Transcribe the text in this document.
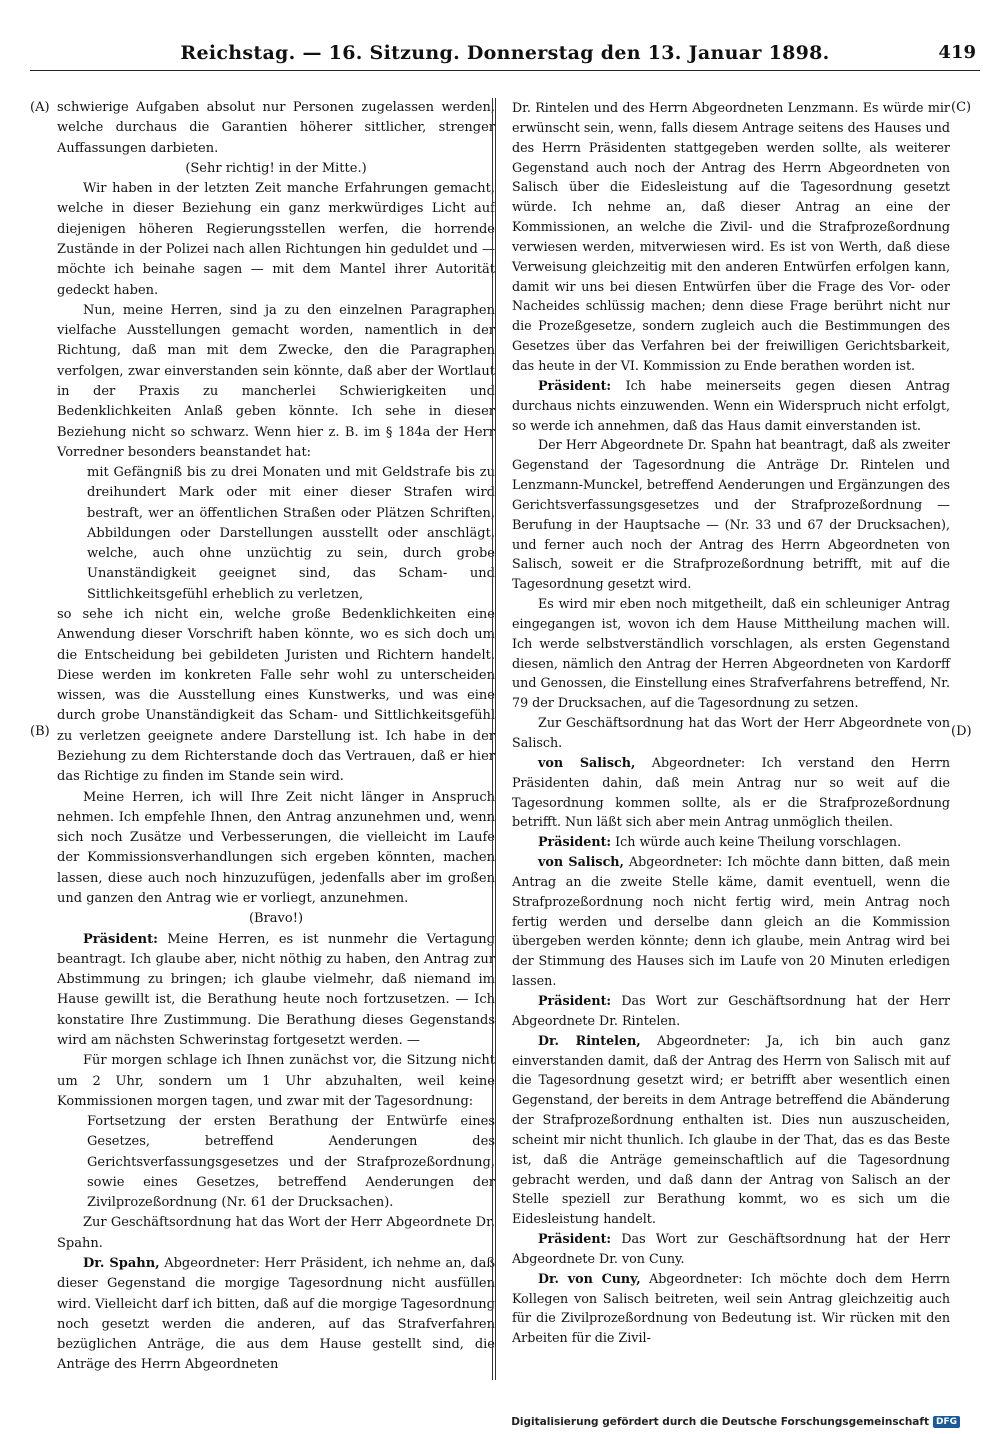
Reichstag. — 16. Sitzung. Donnerstag den 13. Januar 1898.	419
(A)
(B)
(C)
(D)

schwierige Aufgaben absolut nur Personen zugelassen werden, welche durchaus die Garantien höherer sittlicher, strenger Auffassungen darbieten.

(Sehr richtig! in der Mitte.)

Wir haben in der letzten Zeit manche Erfahrungen gemacht, welche in dieser Beziehung ein ganz merkwürdiges Licht auf diejenigen höheren Regierungsstellen werfen, die horrende Zustände in der Polizei nach allen Richtungen hin geduldet und — möchte ich beinahe sagen — mit dem Mantel ihrer Autorität gedeckt haben.

Nun, meine Herren, sind ja zu den einzelnen Paragraphen vielfache Ausstellungen gemacht worden, namentlich in der Richtung, daß man mit dem Zwecke, den die Paragraphen verfolgen, zwar einverstanden sein könnte, daß aber der Wortlaut in der Praxis zu mancherlei Schwierigkeiten und Bedenklichkeiten Anlaß geben könnte. Ich sehe in dieser Beziehung nicht so schwarz. Wenn hier z. B. im § 184a der Herr Vorredner besonders beanstandet hat:

mit Gefängniß bis zu drei Monaten und mit Geldstrafe bis zu dreihundert Mark oder mit einer dieser Strafen wird bestraft, wer an öffentlichen Straßen oder Plätzen Schriften, Abbildungen oder Darstellungen ausstellt oder anschlägt, welche, auch ohne unzüchtig zu sein, durch grobe Unanständigkeit geeignet sind, das Scham- und Sittlichkeitsgefühl erheblich zu verletzen,

so sehe ich nicht ein, welche große Bedenklichkeiten eine Anwendung dieser Vorschrift haben könnte, wo es sich doch um die Entscheidung bei gebildeten Juristen und Richtern handelt. Diese werden im konkreten Falle sehr wohl zu unterscheiden wissen, was die Ausstellung eines Kunstwerks, und was eine durch grobe Unanständigkeit das Scham- und Sittlichkeitsgefühl zu verletzen geeignete andere Darstellung ist. Ich habe in der Beziehung zu dem Richterstande doch das Vertrauen, daß er hier das Richtige zu finden im Stande sein wird.

Meine Herren, ich will Ihre Zeit nicht länger in Anspruch nehmen. Ich empfehle Ihnen, den Antrag anzunehmen und, wenn sich noch Zusätze und Verbesserungen, die vielleicht im Laufe der Kommissionsverhandlungen sich ergeben könnten, machen lassen, diese auch noch hinzuzufügen, jedenfalls aber im großen und ganzen den Antrag wie er vorliegt, anzunehmen.

(Bravo!)

Präsident: Meine Herren, es ist nunmehr die Vertagung beantragt. Ich glaube aber, nicht nöthig zu haben, den Antrag zur Abstimmung zu bringen; ich glaube vielmehr, daß niemand im Hause gewillt ist, die Berathung heute noch fortzusetzen. — Ich konstatire Ihre Zustimmung. Die Berathung dieses Gegenstands wird am nächsten Schwerinstag fortgesetzt werden. —

Für morgen schlage ich Ihnen zunächst vor, die Sitzung nicht um 2 Uhr, sondern um 1 Uhr abzuhalten, weil keine Kommissionen morgen tagen, und zwar mit der Tagesordnung:

Fortsetzung der ersten Berathung der Entwürfe eines Gesetzes, betreffend Aenderungen des Gerichtsverfassungsgesetzes und der Strafprozeßordnung, sowie eines Gesetzes, betreffend Aenderungen der Zivilprozeßordnung (Nr. 61 der Drucksachen).

Zur Geschäftsordnung hat das Wort der Herr Abgeordnete Dr. Spahn.

Dr. Spahn, Abgeordneter: Herr Präsident, ich nehme an, daß dieser Gegenstand die morgige Tagesordnung nicht ausfüllen wird. Vielleicht darf ich bitten, daß auf die morgige Tagesordnung noch gesetzt werden die anderen, auf das Strafverfahren bezüglichen Anträge, die aus dem Hause gestellt sind, die Anträge des Herrn Abgeordneten

Dr. Rintelen und des Herrn Abgeordneten Lenzmann. Es würde mir erwünscht sein, wenn, falls diesem Antrage seitens des Hauses und des Herrn Präsidenten stattgegeben werden sollte, als weiterer Gegenstand auch noch der Antrag des Herrn Abgeordneten von Salisch über die Eidesleistung auf die Tagesordnung gesetzt würde. Ich nehme an, daß dieser Antrag an eine der Kommissionen, an welche die Zivil- und die Strafprozeßordnung verwiesen werden, mitverwiesen wird. Es ist von Werth, daß diese Verweisung gleichzeitig mit den anderen Entwürfen erfolgen kann, damit wir uns bei diesen Entwürfen über die Frage des Vor- oder Nacheides schlüssig machen; denn diese Frage berührt nicht nur die Prozeßgesetze, sondern zugleich auch die Bestimmungen des Gesetzes über das Verfahren bei der freiwilligen Gerichtsbarkeit, das heute in der VI. Kommission zu Ende berathen worden ist.

Präsident: Ich habe meinerseits gegen diesen Antrag durchaus nichts einzuwenden. Wenn ein Widerspruch nicht erfolgt, so werde ich annehmen, daß das Haus damit einverstanden ist.

Der Herr Abgeordnete Dr. Spahn hat beantragt, daß als zweiter Gegenstand der Tagesordnung die Anträge Dr. Rintelen und Lenzmann-Munckel, betreffend Aenderungen und Ergänzungen des Gerichtsverfassungsgesetzes und der Strafprozeßordnung — Berufung in der Hauptsache — (Nr. 33 und 67 der Drucksachen), und ferner auch noch der Antrag des Herrn Abgeordneten von Salisch, soweit er die Strafprozeßordnung betrifft, mit auf die Tagesordnung gesetzt wird.

Es wird mir eben noch mitgetheilt, daß ein schleuniger Antrag eingegangen ist, wovon ich dem Hause Mittheilung machen will. Ich werde selbstverständlich vorschlagen, als ersten Gegenstand diesen, nämlich den Antrag der Herren Abgeordneten von Kardorff und Genossen, die Einstellung eines Strafverfahrens betreffend, Nr. 79 der Drucksachen, auf die Tagesordnung zu setzen.

Zur Geschäftsordnung hat das Wort der Herr Abgeordnete von Salisch.

von Salisch, Abgeordneter: Ich verstand den Herrn Präsidenten dahin, daß mein Antrag nur so weit auf die Tagesordnung kommen sollte, als er die Strafprozeßordnung betrifft. Nun läßt sich aber mein Antrag unmöglich theilen.

Präsident: Ich würde auch keine Theilung vorschlagen.

von Salisch, Abgeordneter: Ich möchte dann bitten, daß mein Antrag an die zweite Stelle käme, damit eventuell, wenn die Strafprozeßordnung noch nicht fertig wird, mein Antrag noch fertig werden und derselbe dann gleich an die Kommission übergeben werden könnte; denn ich glaube, mein Antrag wird bei der Stimmung des Hauses sich im Laufe von 20 Minuten erledigen lassen.

Präsident: Das Wort zur Geschäftsordnung hat der Herr Abgeordnete Dr. Rintelen.

Dr. Rintelen, Abgeordneter: Ja, ich bin auch ganz einverstanden damit, daß der Antrag des Herrn von Salisch mit auf die Tagesordnung gesetzt wird; er betrifft aber wesentlich einen Gegenstand, der bereits in dem Antrage betreffend die Abänderung der Strafprozeßordnung enthalten ist. Dies nun auszuscheiden, scheint mir nicht thunlich. Ich glaube in der That, das es das Beste ist, daß die Anträge gemeinschaftlich auf die Tagesordnung gebracht werden, und daß dann der Antrag von Salisch an der Stelle speziell zur Berathung kommt, wo es sich um die Eidesleistung handelt.

Präsident: Das Wort zur Geschäftsordnung hat der Herr Abgeordnete Dr. von Cuny.

Dr. von Cuny, Abgeordneter: Ich möchte doch dem Herrn Kollegen von Salisch beitreten, weil sein Antrag gleichzeitig auch für die Zivilprozeßordnung von Bedeutung ist. Wir rücken mit den Arbeiten für die Zivil-

Digitalisierung gefördert durch die Deutsche Forschungsgemeinschaft DFG
